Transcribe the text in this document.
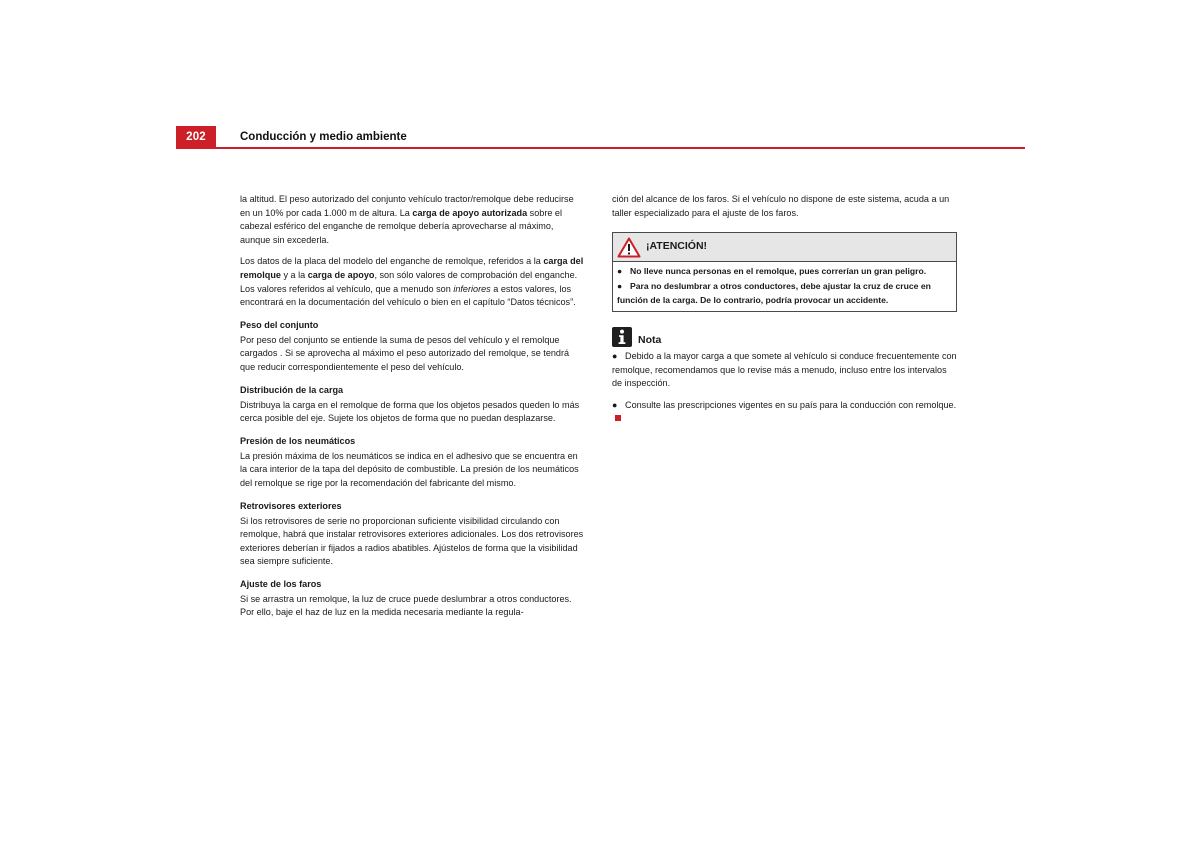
202	Conducción y medio ambiente

la altitud. El peso autorizado del conjunto vehículo tractor/remolque debe reducirse en un 10% por cada 1.000 m de altura. La carga de apoyo autorizada sobre el cabezal esférico del enganche de remolque debería aprovecharse al máximo, aunque sin excederla.

Los datos de la placa del modelo del enganche de remolque, referidos a la carga del remolque y a la carga de apoyo, son sólo valores de comprobación del enganche. Los valores referidos al vehículo, que a menudo son inferiores a estos valores, los encontrará en la documentación del vehículo o bien en el capítulo “Datos técnicos”.

Peso del conjunto

Por peso del conjunto se entiende la suma de pesos del vehículo y el remolque cargados . Si se aprovecha al máximo el peso autorizado del remolque, se tendrá que reducir correspondientemente el peso del vehículo.

Distribución de la carga

Distribuya la carga en el remolque de forma que los objetos pesados queden lo más cerca posible del eje. Sujete los objetos de forma que no puedan desplazarse.

Presión de los neumáticos

La presión máxima de los neumáticos se indica en el adhesivo que se encuentra en la cara interior de la tapa del depósito de combustible. La presión de los neumáticos del remolque se rige por la recomendación del fabricante del mismo.

Retrovisores exteriores

Si los retrovisores de serie no proporcionan suficiente visibilidad circulando con remolque, habrá que instalar retrovisores exteriores adicionales. Los dos retrovisores exteriores deberían ir fijados a radios abatibles. Ajústelos de forma que la visibilidad sea siempre suficiente.

Ajuste de los faros

Si se arrastra un remolque, la luz de cruce puede deslumbrar a otros conductores. Por ello, baje el haz de luz en la medida necesaria mediante la regula-

ción del alcance de los faros. Si el vehículo no dispone de este sistema, acuda a un taller especializado para el ajuste de los faros.

¡ATENCIÓN!
● No lleve nunca personas en el remolque, pues correrían un gran peligro.
● Para no deslumbrar a otros conductores, debe ajustar la cruz de cruce en función de la carga. De lo contrario, podría provocar un accidente.
Nota

● Debido a la mayor carga a que somete al vehículo si conduce frecuentemente con remolque, recomendamos que lo revise más a menudo, incluso entre los intervalos de inspección.

● Consulte las prescripciones vigentes en su país para la conducción con remolque.
